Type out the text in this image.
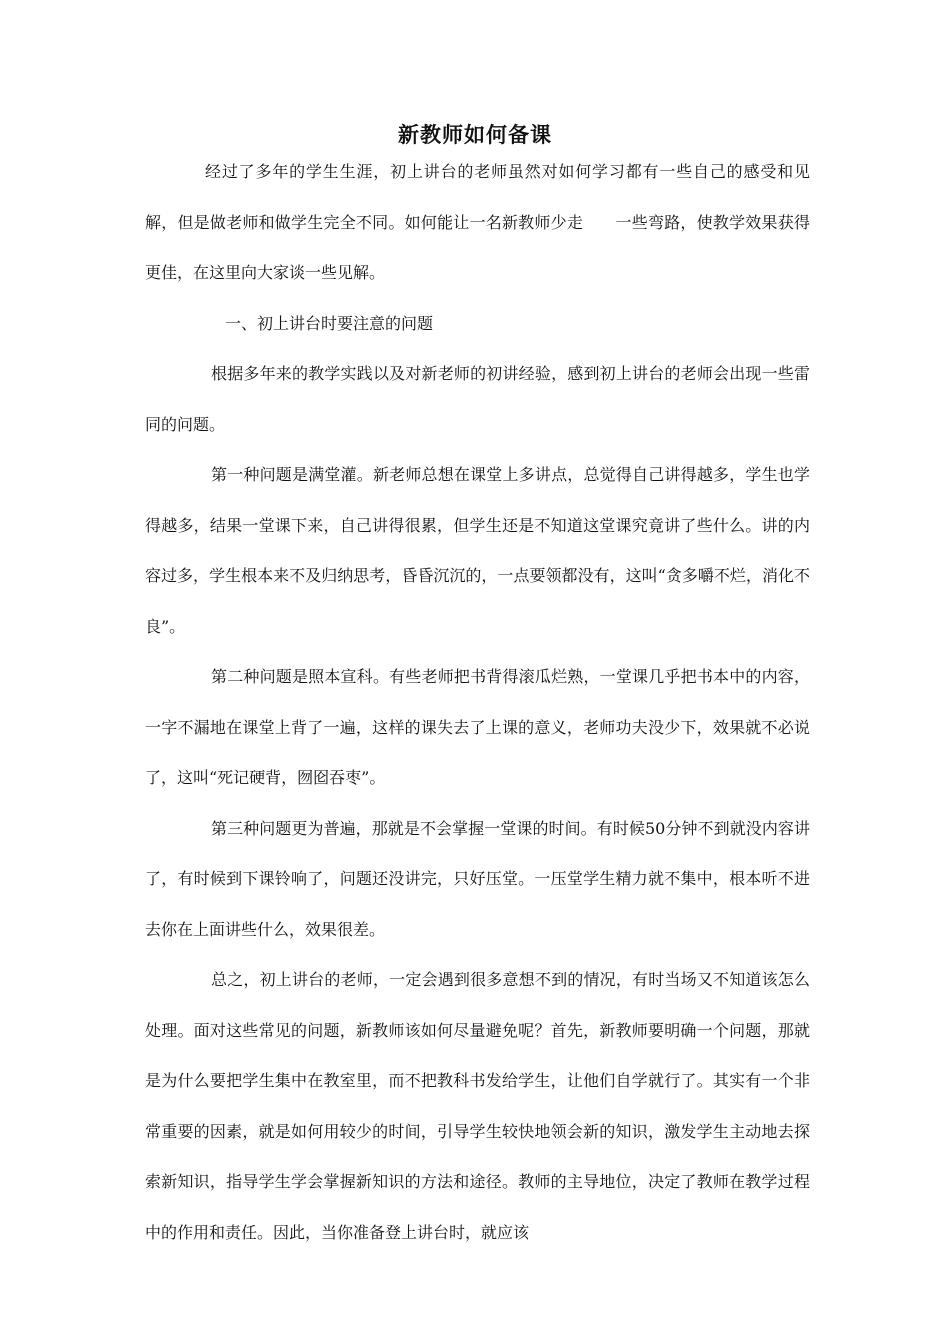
新教师如何备课

经过了多年的学生生涯，初上讲台的老师虽然对如何学习都有一些自己的感受和见解，但是做老师和做学生完全不同。如何能让一名新教师少走　　一些弯路，使教学效果获得更佳，在这里向大家谈一些见解。

一、初上讲台时要注意的问题

根据多年来的教学实践以及对新老师的初讲经验，感到初上讲台的老师会出现一些雷同的问题。

第一种问题是满堂灌。新老师总想在课堂上多讲点，总觉得自己讲得越多，学生也学得越多，结果一堂课下来，自己讲得很累，但学生还是不知道这堂课究竟讲了些什么。讲的内容过多，学生根本来不及归纳思考，昏昏沉沉的，一点要领都没有，这叫“贪多嚼不烂，消化不良”。

第二种问题是照本宣科。有些老师把书背得滚瓜烂熟，一堂课几乎把书本中的内容，一字不漏地在课堂上背了一遍，这样的课失去了上课的意义，老师功夫没少下，效果就不必说了，这叫“死记硬背，囫囵吞枣”。

第三种问题更为普遍，那就是不会掌握一堂课的时间。有时候50分钟不到就没内容讲了，有时候到下课铃响了，问题还没讲完，只好压堂。一压堂学生精力就不集中，根本听不进去你在上面讲些什么，效果很差。

总之，初上讲台的老师，一定会遇到很多意想不到的情况，有时当场又不知道该怎么处理。面对这些常见的问题，新教师该如何尽量避免呢？首先，新教师要明确一个问题，那就是为什么要把学生集中在教室里，而不把教科书发给学生，让他们自学就行了。其实有一个非常重要的因素，就是如何用较少的时间，引导学生较快地领会新的知识，激发学生主动地去探索新知识，指导学生学会掌握新知识的方法和途径。教师的主导地位，决定了教师在教学过程中的作用和责任。因此，当你准备登上讲台时，就应该
